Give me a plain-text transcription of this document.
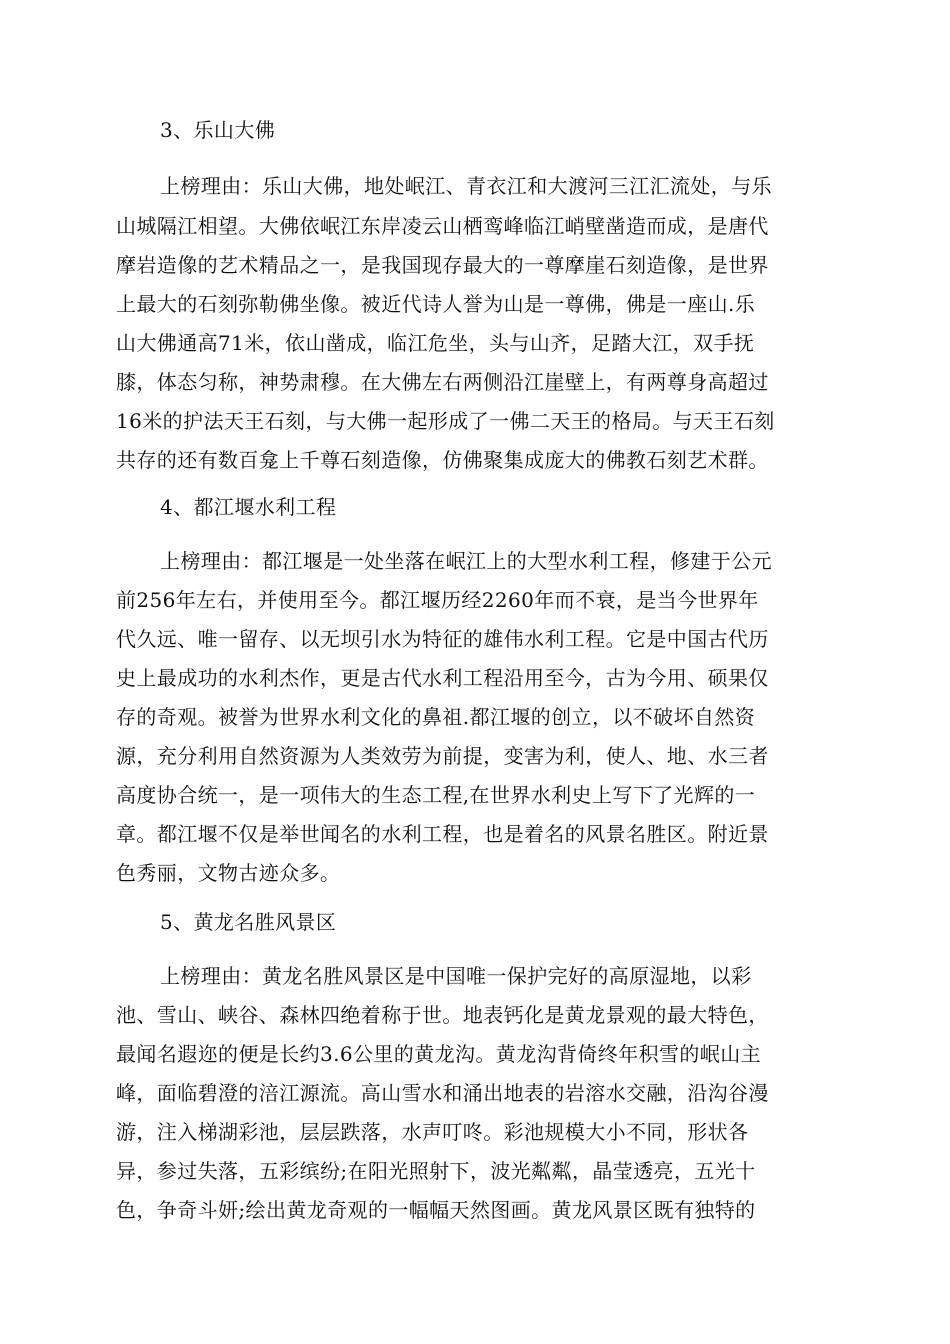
3、乐山大佛
上榜理由：乐山大佛，地处岷江、青衣江和大渡河三江汇流处，与乐
山城隔江相望。大佛依岷江东岸凌云山栖鸾峰临江峭壁凿造而成，是唐代
摩岩造像的艺术精品之一，是我国现存最大的一尊摩崖石刻造像，是世界
上最大的石刻弥勒佛坐像。被近代诗人誉为山是一尊佛，佛是一座山.乐
山大佛通高71米，依山凿成，临江危坐，头与山齐，足踏大江，双手抚
膝，体态匀称，神势肃穆。在大佛左右两侧沿江崖壁上，有两尊身高超过
16米的护法天王石刻，与大佛一起形成了一佛二天王的格局。与天王石刻
共存的还有数百龛上千尊石刻造像，仿佛聚集成庞大的佛教石刻艺术群。
4、都江堰水利工程
上榜理由：都江堰是一处坐落在岷江上的大型水利工程，修建于公元
前256年左右，并使用至今。都江堰历经2260年而不衰，是当今世界年
代久远、唯一留存、以无坝引水为特征的雄伟水利工程。它是中国古代历
史上最成功的水利杰作，更是古代水利工程沿用至今，古为今用、硕果仅
存的奇观。被誉为世界水利文化的鼻祖.都江堰的创立，以不破坏自然资
源，充分利用自然资源为人类效劳为前提，变害为利，使人、地、水三者
高度协合统一，是一项伟大的生态工程,在世界水利史上写下了光辉的一
章。都江堰不仅是举世闻名的水利工程，也是着名的风景名胜区。附近景
色秀丽，文物古迹众多。
5、黄龙名胜风景区
上榜理由：黄龙名胜风景区是中国唯一保护完好的高原湿地，以彩
池、雪山、峡谷、森林四绝着称于世。地表钙化是黄龙景观的最大特色，
最闻名遐迩的便是长约3.6公里的黄龙沟。黄龙沟背倚终年积雪的岷山主
峰，面临碧澄的涪江源流。高山雪水和涌出地表的岩溶水交融，沿沟谷漫
游，注入梯湖彩池，层层跌落，水声叮咚。彩池规模大小不同，形状各
异，参过失落，五彩缤纷;在阳光照射下，波光粼粼，晶莹透亮，五光十
色，争奇斗妍;绘出黄龙奇观的一幅幅天然图画。黄龙风景区既有独特的
